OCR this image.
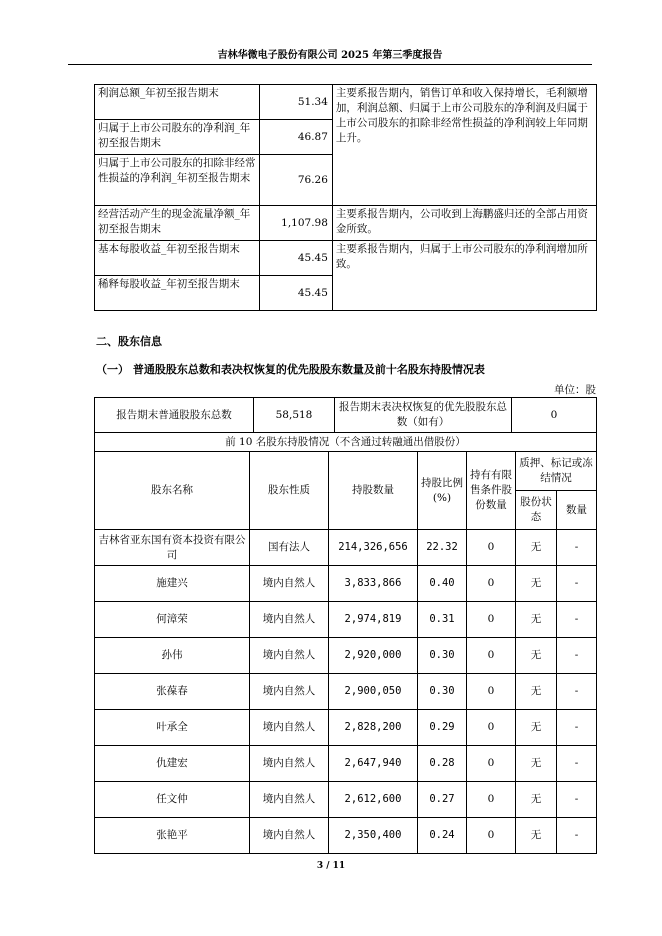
吉林华微电子股份有限公司 2025 年第三季度报告
利润总额_年初至报告期末	51.34	主要系报告期内，销售订单和收入保持增长，毛利额增加，利润总额、归属于上市公司股东的净利润及归属于上市公司股东的扣除非经常性损益的净利润较上年同期上升。
归属于上市公司股东的净利润_年初至报告期末	46.87	
归属于上市公司股东的扣除非经常性损益的净利润_年初至报告期末	76.26	
经营活动产生的现金流量净额_年初至报告期末	1,107.98	主要系报告期内，公司收到上海鹏盛归还的全部占用资金所致。
基本每股收益_年初至报告期末	45.45	主要系报告期内，归属于上市公司股东的净利润增加所致。
稀释每股收益_年初至报告期末	45.45	
二、股东信息
（一） 普通股股东总数和表决权恢复的优先股股东数量及前十名股东持股情况表
单位：股
报告期末普通股股东总数	58,518	报告期末表决权恢复的优先股股东总数（如有）	0
前 10 名股东持股情况（不含通过转融通出借股份）						
股东名称	股东性质	持股数量	持股比例(%)	持有有限售条件股份数量	质押、标记或冻结情况	
					股份状态	数量
吉林省亚东国有资本投资有限公司	国有法人	214,326,656	22.32	0	无	-
施建兴	境内自然人	3,833,866	0.40	0	无	-
何漳荣	境内自然人	2,974,819	0.31	0	无	-
孙伟	境内自然人	2,920,000	0.30	0	无	-
张葆春	境内自然人	2,900,050	0.30	0	无	-
叶承全	境内自然人	2,828,200	0.29	0	无	-
仇建宏	境内自然人	2,647,940	0.28	0	无	-
任文仲	境内自然人	2,612,600	0.27	0	无	-
张艳平	境内自然人	2,350,400	0.24	0	无	-
3 / 11
